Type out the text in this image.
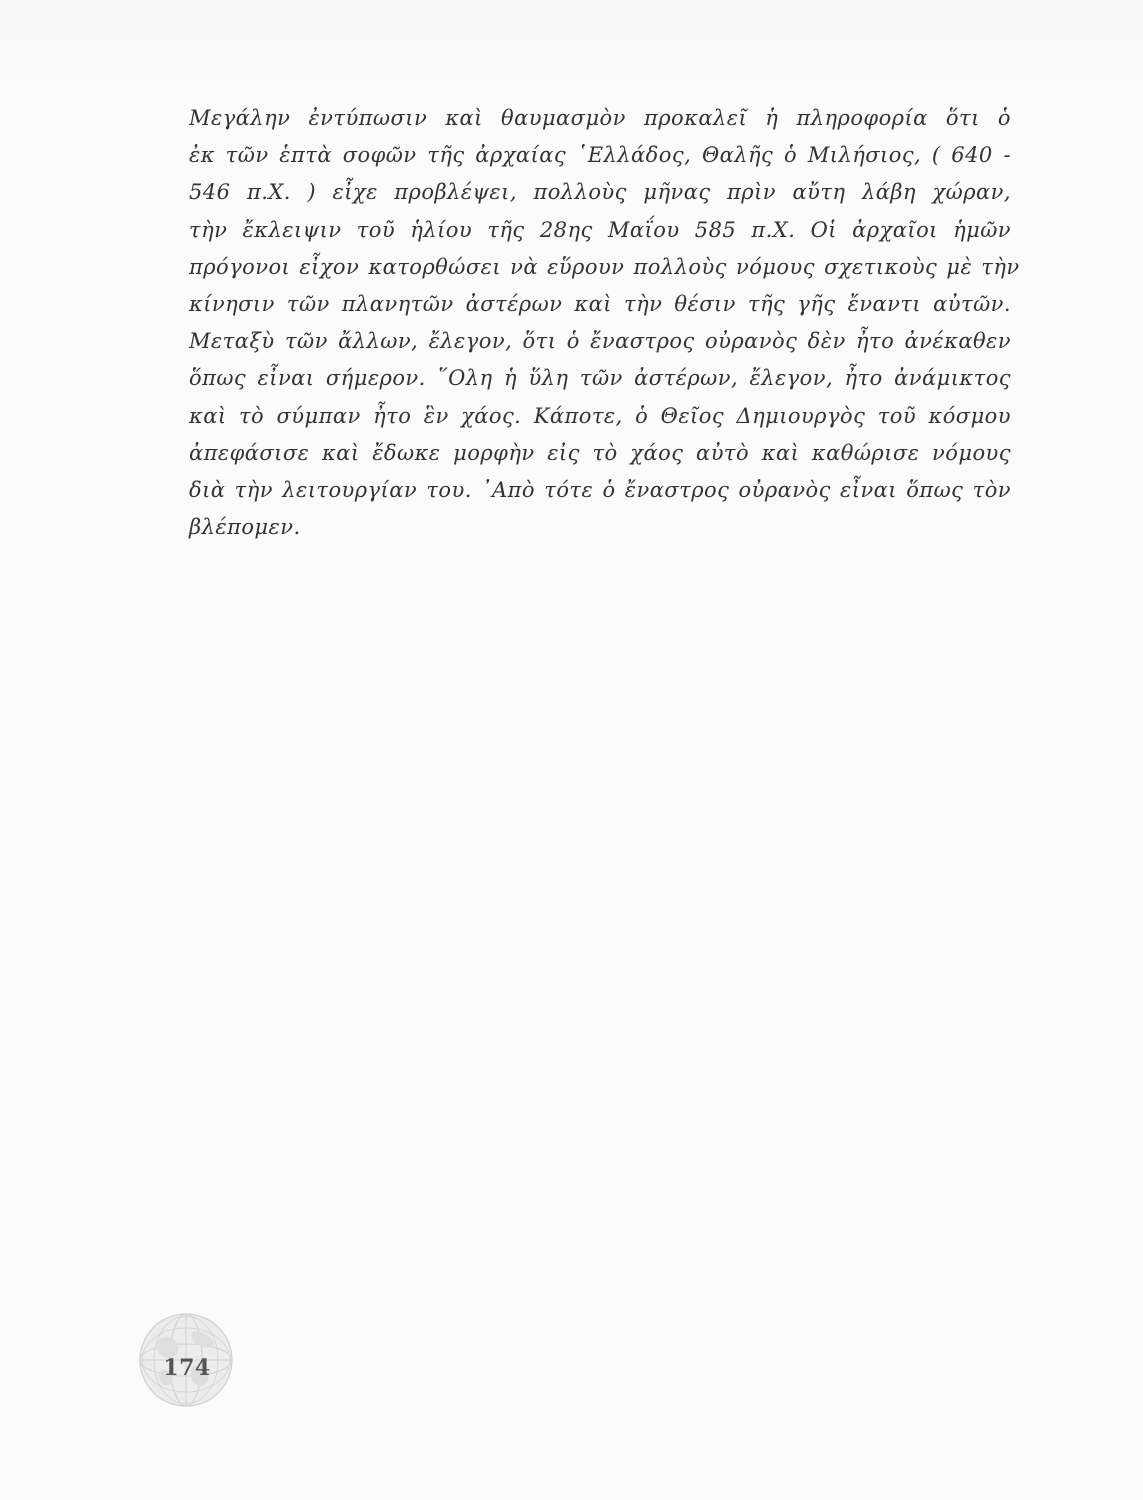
Μεγάλην ἐντύπωσιν καὶ θαυμασμὸν προκαλεῖ ἡ πληροφορία ὅτι ὁ
ἐκ τῶν ἑπτὰ σοφῶν τῆς ἀρχαίας ῾Ελλάδος, Θαλῆς ὁ Μιλήσιος, ( 640 -
546 π.Χ. ) εἶχε προβλέψει, πολλοὺς μῆνας πρὶν αὔτη λάβη χώραν,
τὴν ἔκλειψιν τοῦ ἡλίου τῆς 28ης Μαΐου 585 π.Χ. Οἱ ἀρχαῖοι ἡμῶν
πρόγονοι εἶχον κατορθώσει νὰ εὕρουν πολλοὺς νόμους σχετικοὺς μὲ τὴν
κίνησιν τῶν πλανητῶν ἀστέρων καὶ τὴν θέσιν τῆς γῆς ἔναντι αὐτῶν.
Μεταξὺ τῶν ἄλλων, ἔλεγον, ὅτι ὁ ἔναστρος οὐρανὸς δὲν ἦτο ἀνέκαθεν
ὅπως εἶναι σήμερον. ῞Ολη ἡ ὕλη τῶν ἀστέρων, ἔλεγον, ἦτο ἀνάμικτος
καὶ τὸ σύμπαν ἦτο ἓν χάος. Κάποτε, ὁ Θεῖος Δημιουργὸς τοῦ κόσμου
ἀπεφάσισε καὶ ἔδωκε μορφὴν εἰς τὸ χάος αὐτὸ καὶ καθώρισε νόμους
διὰ τὴν λειτουργίαν του. ᾿Απὸ τότε ὁ ἔναστρος οὐρανὸς εἶναι ὅπως τὸν
βλέπομεν.
174
